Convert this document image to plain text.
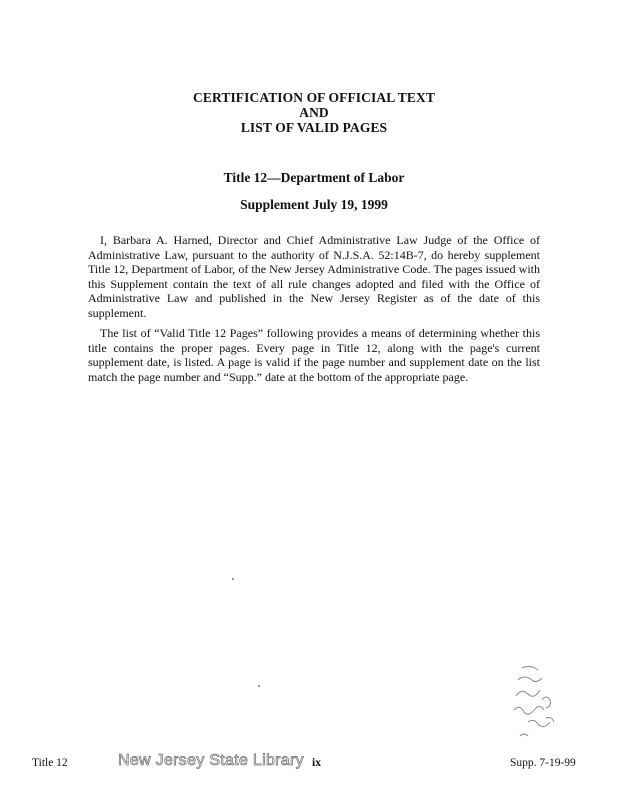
CERTIFICATION OF OFFICIAL TEXT
AND
LIST OF VALID PAGES
Title 12—Department of Labor
Supplement July 19, 1999

I, Barbara A. Harned, Director and Chief Administrative Law Judge of the Office of Administrative Law, pursuant to the authority of N.J.S.A. 52:14B-7, do hereby supplement Title 12, Department of Labor, of the New Jersey Administrative Code. The pages issued with this Supplement contain the text of all rule changes adopted and filed with the Office of Administrative Law and published in the New Jersey Register as of the date of this supplement.

The list of “Valid Title 12 Pages” following provides a means of determining whether this title contains the proper pages. Every page in Title 12, along with the page's current supplement date, is listed. A page is valid if the page number and supplement date on the list match the page number and “Supp.” date at the bottom of the appropriate page.

Title 12	New Jersey State Library ix	Supp. 7-19-99
